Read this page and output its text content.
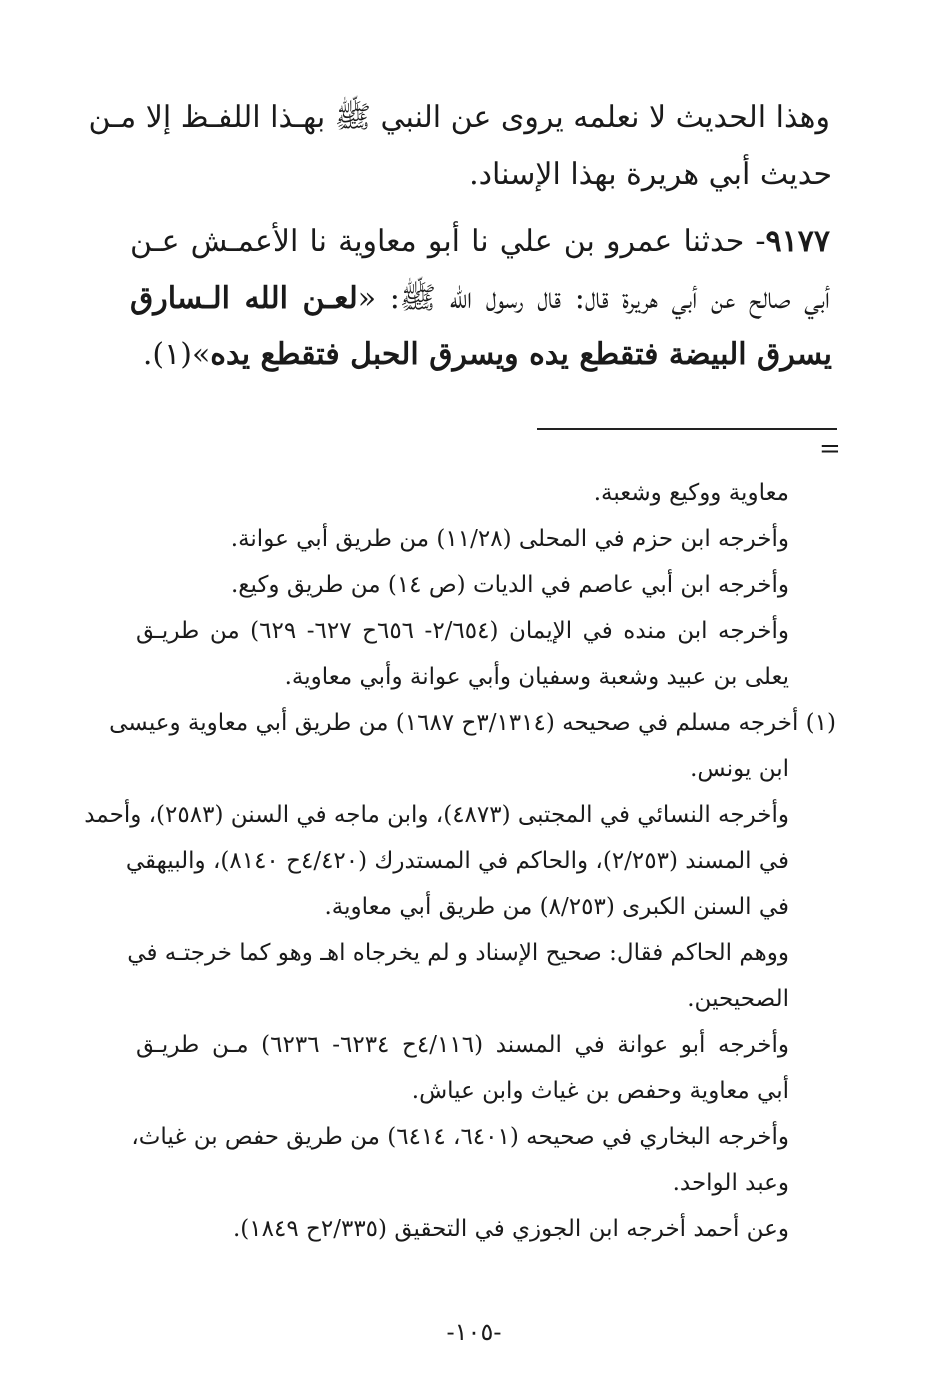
وهذا الحديث لا نعلمه يروى عن النبي ﷺ بهـذا اللفـظ إلا مـن
حديث أبي هريرة بهذا الإسناد.
٩١٧٧- حدثنا عمرو بن علي نا أبو معاوية نا الأعمـش عـن
أبي صالح عن أبي هريرة قال: قال رسول الله ﷺ: «لعـن الله الـسارق
يسرق البيضة فتقطع يده ويسرق الحبل فتقطع يده»(١).
=
معاوية ووكيع وشعبة.
وأخرجه ابن حزم في المحلى (١١/٢٨) من طريق أبي عوانة.
وأخرجه ابن أبي عاصم في الديات (ص ١٤) من طريق وكيع.
وأخرجه ابن منده في الإيمان (٢/٦٥٤- ٦٥٦ح ٦٢٧- ٦٢٩) من طريـق
يعلى بن عبيد وشعبة وسفيان وأبي عوانة وأبي معاوية.
(١) أخرجه مسلم في صحيحه (٣/١٣١٤ح ١٦٨٧) من طريق أبي معاوية وعيسى
ابن يونس.
وأخرجه النسائي في المجتبى (٤٨٧٣)، وابن ماجه في السنن (٢٥٨٣)، وأحمد
في المسند (٢/٢٥٣)، والحاكم في المستدرك (٤/٤٢٠ح ٨١٤٠)، والبيهقي
في السنن الكبرى (٨/٢٥٣) من طريق أبي معاوية.
ووهم الحاكم فقال: صحيح الإسناد و لم يخرجاه اهـ وهو كما خرجتـه في
الصحيحين.
وأخرجه أبو عوانة في المسند (٤/١١٦ح ٦٢٣٤- ٦٢٣٦) مـن طريـق
أبي معاوية وحفص بن غياث وابن عياش.
وأخرجه البخاري في صحيحه (٦٤٠١، ٦٤١٤) من طريق حفص بن غياث،
وعبد الواحد.
وعن أحمد أخرجه ابن الجوزي في التحقيق (٢/٣٣٥ح ١٨٤٩).
-١٠٥-
